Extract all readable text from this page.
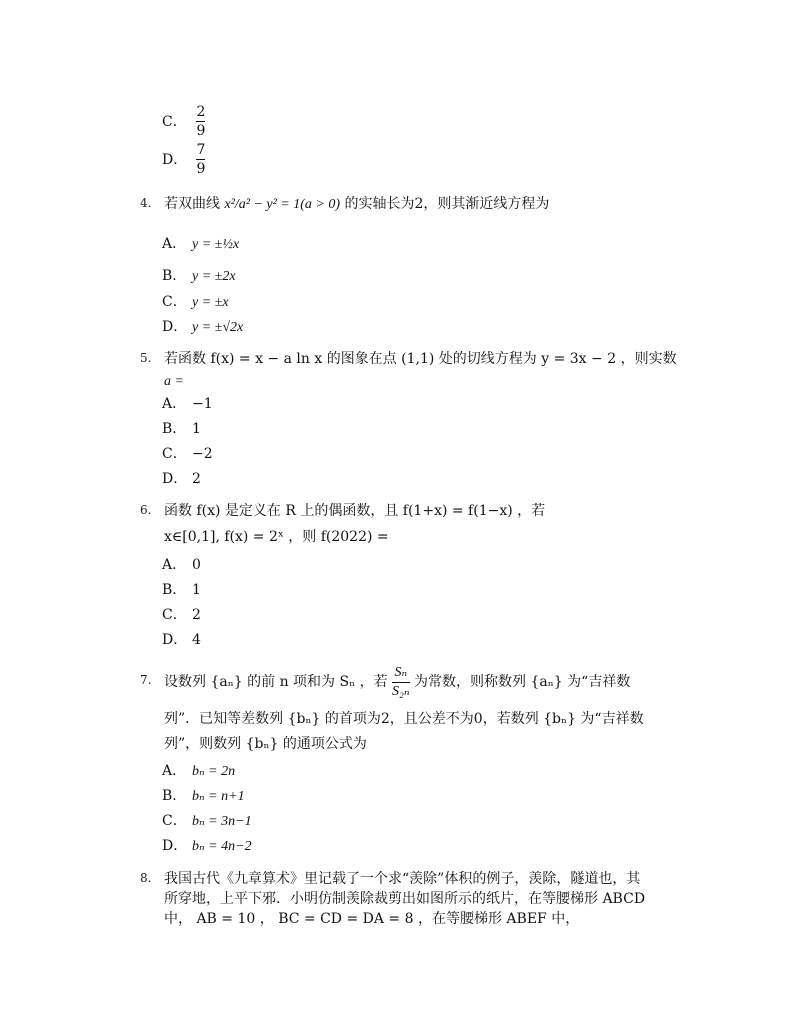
C． $\frac{2}{9}$
D． $\frac{7}{9}$
4. 若双曲线 x²/a² − y² = 1(a > 0) 的实轴长为2，则其渐近线方程为
A． y = ±½x
B． y = ±2x
C． y = ±x
D． y = ±√2x
5. 若函数 f(x) = x − a ln x 的图象在点 (1,1) 处的切线方程为 y = 3x − 2 ，则实数
a =
A． −1
B． 1
C． −2
D． 2
6. 函数 f(x) 是定义在 R 上的偶函数，且 f(1+x) = f(1−x) ，若
x∈[0,1], f(x) = 2ˣ ，则 f(2022) =
A． 0
B． 1
C． 2
D． 4
7. 设数列 {aₙ} 的前 n 项和为 Sₙ ，若 $\frac{\text{Sₙ}}{\text{S₂ₙ}}$ 为常数，则称数列 {aₙ} 为“吉祥数
列”．已知等差数列 {bₙ} 的首项为2，且公差不为0，若数列 {bₙ} 为“吉祥数
列”，则数列 {bₙ} 的通项公式为
A． bₙ = 2n
B． bₙ = n+1
C． bₙ = 3n−1
D． bₙ = 4n−2
8. 我国古代《九章算术》里记载了一个求“羡除”体积的例子，羡除，隧道也，其
所穿地，上平下邪．小明仿制羡除裁剪出如图所示的纸片，在等腰梯形 ABCD
中， AB = 10 ， BC = CD = DA = 8 ，在等腰梯形 ABEF 中，
